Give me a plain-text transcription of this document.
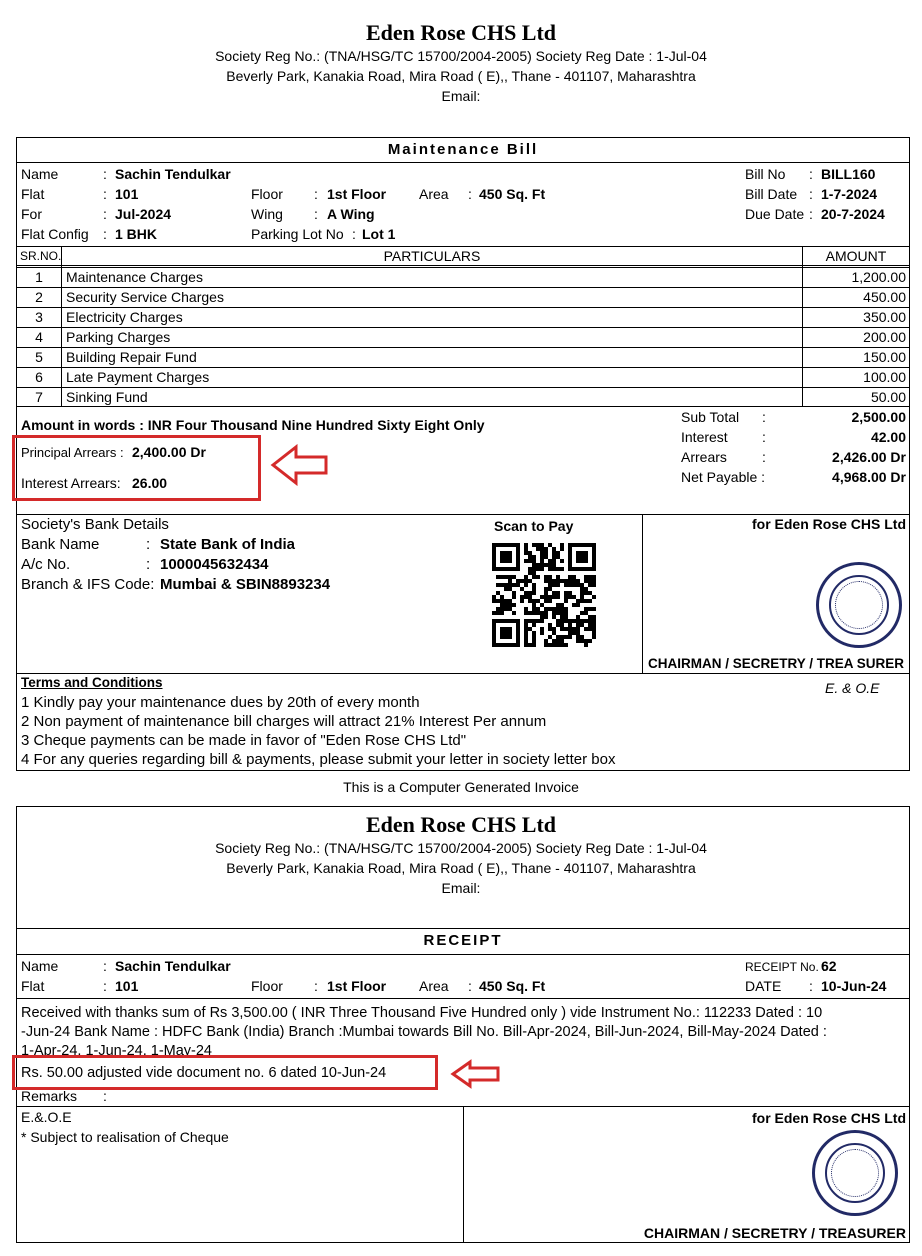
Eden Rose CHS Ltd
Society Reg No.: (TNA/HSG/TC 15700/2004-2005) Society Reg Date : 1-Jul-04
Beverly Park, Kanakia Road, Mira Road ( E),, Thane - 401107, Maharashtra
Email:
Maintenance Bill
Name	: Sachin Tendulkar
Flat	: 101	Floor : 1st Floor Area : 450 Sq. Ft
For	: Jul-2024	Wing : A Wing
Flat Config : 1 BHK	Parking Lot No : Lot 1
Bill No : BILL160
Bill Date : 1-7-2024
Due Date : 20-7-2024
SR.NO.	PARTICULARS	AMOUNT
1	Maintenance Charges	1,200.00
2	Security Service Charges	450.00
3	Electricity Charges	350.00
4	Parking Charges	200.00
5	Building Repair Fund	150.00
6	Late Payment Charges	100.00
7	Sinking Fund	50.00
Amount in words : INR Four Thousand Nine Hundred Sixty Eight Only
Principal Arrears : 2,400.00 Dr
Interest Arrears: 26.00
Sub Total :	2,500.00
Interest :	42.00
Arrears	:	2,426.00 Dr
Net Payable :	4,968.00 Dr
Society's Bank Details
Bank Name	: State Bank of India
A/c No.	: 1000045632434
Branch & IFS Code: Mumbai & SBIN8893234
Scan to Pay	for Eden Rose CHS Ltd
CHAIRMAN / SECRETRY / TREA SURER
Terms and Conditions	E. & O.E
1 Kindly pay your maintenance dues by 20th of every month
2 Non payment of maintenance bill charges will attract 21% Interest Per annum
3 Cheque payments can be made in favor of "Eden Rose CHS Ltd"
4 For any queries regarding bill & payments, please submit your letter in society letter box
This is a Computer Generated Invoice
Eden Rose CHS Ltd
Society Reg No.: (TNA/HSG/TC 15700/2004-2005) Society Reg Date : 1-Jul-04
Beverly Park, Kanakia Road, Mira Road ( E),, Thane - 401107, Maharashtra
Email:
RECEIPT
Name	: Sachin Tendulkar
Flat	: 101	Floor : 1st Floor Area : 450 Sq. Ft
RECEIPT No. :
62
DATE : 10-Jun-24
Received with thanks sum of Rs 3,500.00 ( INR Three Thousand Five Hundred only ) vide Instrument No.: 112233 Dated : 10
-Jun-24 Bank Name : HDFC Bank (India) Branch :Mumbai towards Bill No. Bill-Apr-2024, Bill-Jun-2024, Bill-May-2024 Dated :
1-Apr-24, 1-Jun-24, 1-May-24
Rs. 50.00 adjusted vide document no. 6 dated 10-Jun-24
Remarks :
E.&.O.E
* Subject to realisation of Cheque
for Eden Rose CHS Ltd
CHAIRMAN / SECRETRY / TREASURER
